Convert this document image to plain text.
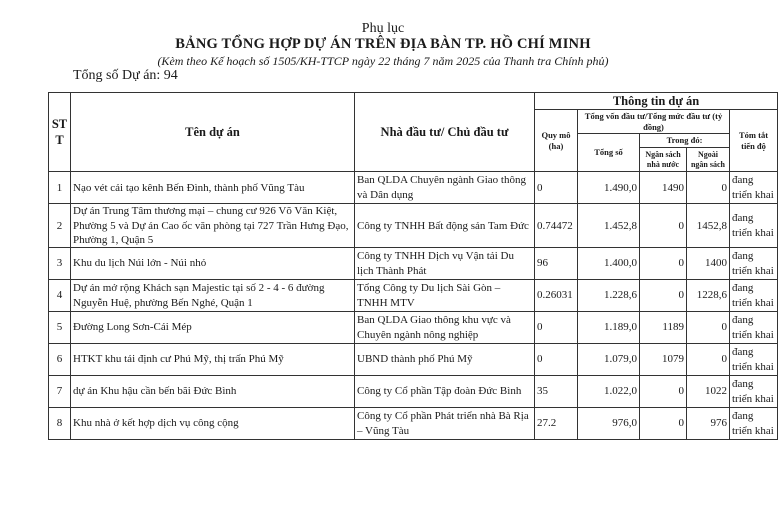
Phụ lục
BẢNG TỔNG HỢP DỰ ÁN TRÊN ĐỊA BÀN TP. HỒ CHÍ MINH
(Kèm theo Kế hoạch số 1505/KH-TTCP ngày 22 tháng 7 năm 2025 của Thanh tra Chính phủ)
Tổng số Dự án: 94
STT	Tên dự án	Nhà đầu tư/ Chủ đầu tư	Thông tin dự án				
			Quy mô (ha)	Tổng vốn đầu tư/Tổng mức đầu tư (tỷ đồng)			Tóm tắt tiến độ
				Tổng số	Trong đó:		
					Ngân sách nhà nước	Ngoài ngân sách	
1	Nạo vét cải tạo kênh Bến Đình, thành phố Vũng Tàu	Ban QLDA Chuyên ngành Giao thông và Dân dụng	0	1.490,0	1490	0	đang triển khai
2	Dự án Trung Tâm thương mại – chung cư 926 Võ Văn Kiệt, Phường 5 và Dự án Cao ốc văn phòng tại 727 Trần Hưng Đạo, Phường 1, Quận 5	Công ty TNHH Bất động sản Tam Đức	0.74472	1.452,8	0	1452,8	đang triển khai
3	Khu du lịch Núi lớn - Núi nhỏ	Công ty TNHH Dịch vụ Vận tải Du lịch Thành Phát	96	1.400,0	0	1400	đang triển khai
4	Dự án mở rộng Khách sạn Majestic tại số 2 - 4 - 6 đường Nguyễn Huệ, phường Bến Nghé, Quận 1	Tổng Công ty Du lịch Sài Gòn – TNHH MTV	0.26031	1.228,6	0	1228,6	đang triển khai
5	Đường Long Sơn-Cái Mép	Ban QLDA Giao thông khu vực và Chuyên ngành nông nghiệp	0	1.189,0	1189	0	đang triển khai
6	HTKT khu tái định cư Phú Mỹ, thị trấn Phú Mỹ	UBND thành phố Phú Mỹ	0	1.079,0	1079	0	đang triển khai
7	dự án Khu hậu cần bến bãi Đức Bình	Công ty Cổ phần Tập đoàn Đức Bình	35	1.022,0	0	1022	đang triển khai
8	Khu nhà ở kết hợp dịch vụ công cộng	Công ty Cổ phần Phát triển nhà Bà Rịa – Vũng Tàu	27.2	976,0	0	976	đang triển khai
